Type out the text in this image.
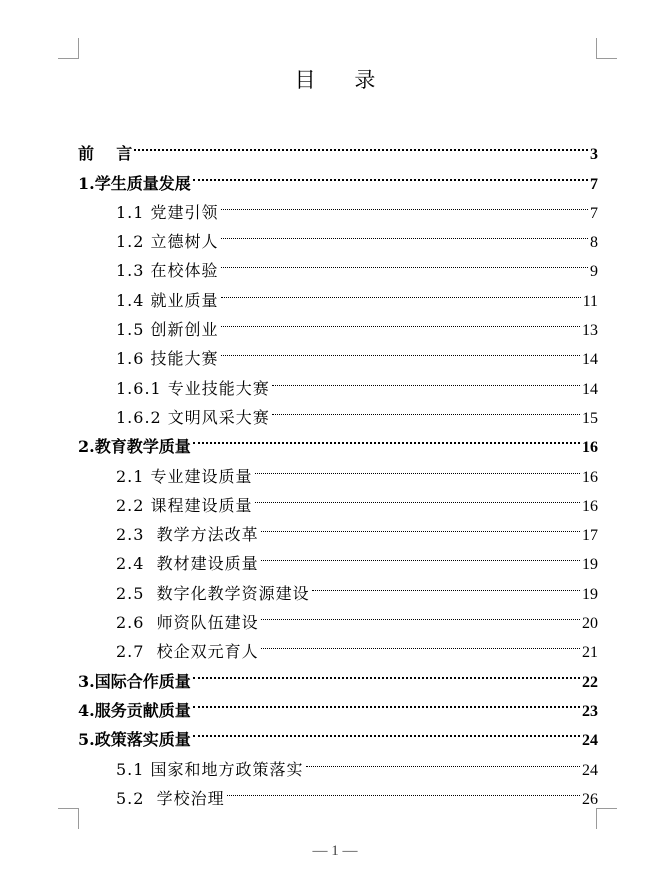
目 录
前    言	3
1.学生质量发展	7
1.1 党建引领	7
1.2 立德树人	8
1.3 在校体验	9
1.4 就业质量	11
1.5 创新创业	13
1.6 技能大赛	14
1.6.1 专业技能大赛	14
1.6.2 文明风采大赛	15
2.教育教学质量	16
2.1 专业建设质量	16
2.2 课程建设质量	16
2.3  教学方法改革	17
2.4  教材建设质量	19
2.5  数字化教学资源建设	19
2.6  师资队伍建设	20
2.7  校企双元育人	21
3.国际合作质量	22
4.服务贡献质量	23
5.政策落实质量	24
5.1 国家和地方政策落实	24
5.2  学校治理	26
— 1 —
